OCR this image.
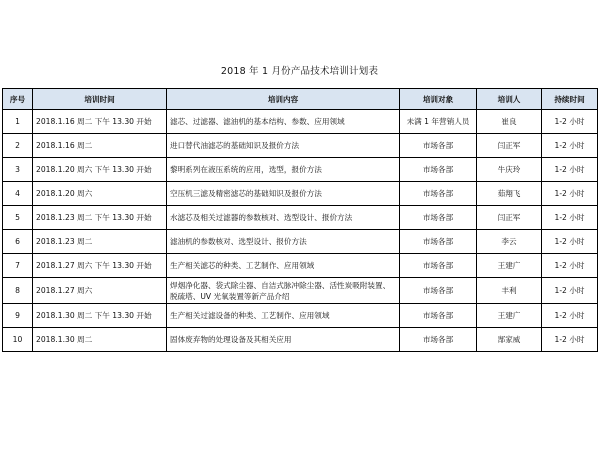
2018 年 1 月份产品技术培训计划表
序号	培训时间	培训内容	培训对象	培训人	持续时间
1	2018.1.16 周二 下午 13.30 开始	滤芯、过滤器、滤油机的基本结构、参数、应用领域	未满 1 年营销人员	崔良	1-2 小时
2	2018.1.16 周二	进口替代油滤芯的基础知识及报价方法	市场各部	闫正军	1-2 小时
3	2018.1.20 周六 下午 13.30 开始	黎明系列在液压系统的应用，选型，报价方法	市场各部	牛庆玲	1-2 小时
4	2018.1.20 周六	空压机三滤及精密滤芯的基础知识及报价方法	市场各部	茹翔飞	1-2 小时
5	2018.1.23 周二 下午 13.30 开始	水滤芯及相关过滤器的参数核对、选型设计、报价方法	市场各部	闫正军	1-2 小时
6	2018.1.23 周二	滤油机的参数核对、选型设计、报价方法	市场各部	李云	1-2 小时
7	2018.1.27 周六 下午 13.30 开始	生产相关滤芯的种类、工艺制作、应用领域	市场各部	王建广	1-2 小时
8	2018.1.27 周六	焊烟净化器、袋式除尘器、自洁式脉冲除尘器、活性炭吸附装置、脱硫塔、UV 光氧装置等新产品介绍	市场各部	丰利	1-2 小时
9	2018.1.30 周二 下午 13.30 开始	生产相关过滤设备的种类、工艺制作、应用领域	市场各部	王建广	1-2 小时
10	2018.1.30 周二	固体废弃物的处理设备及其相关应用	市场各部	郜家威	1-2 小时
